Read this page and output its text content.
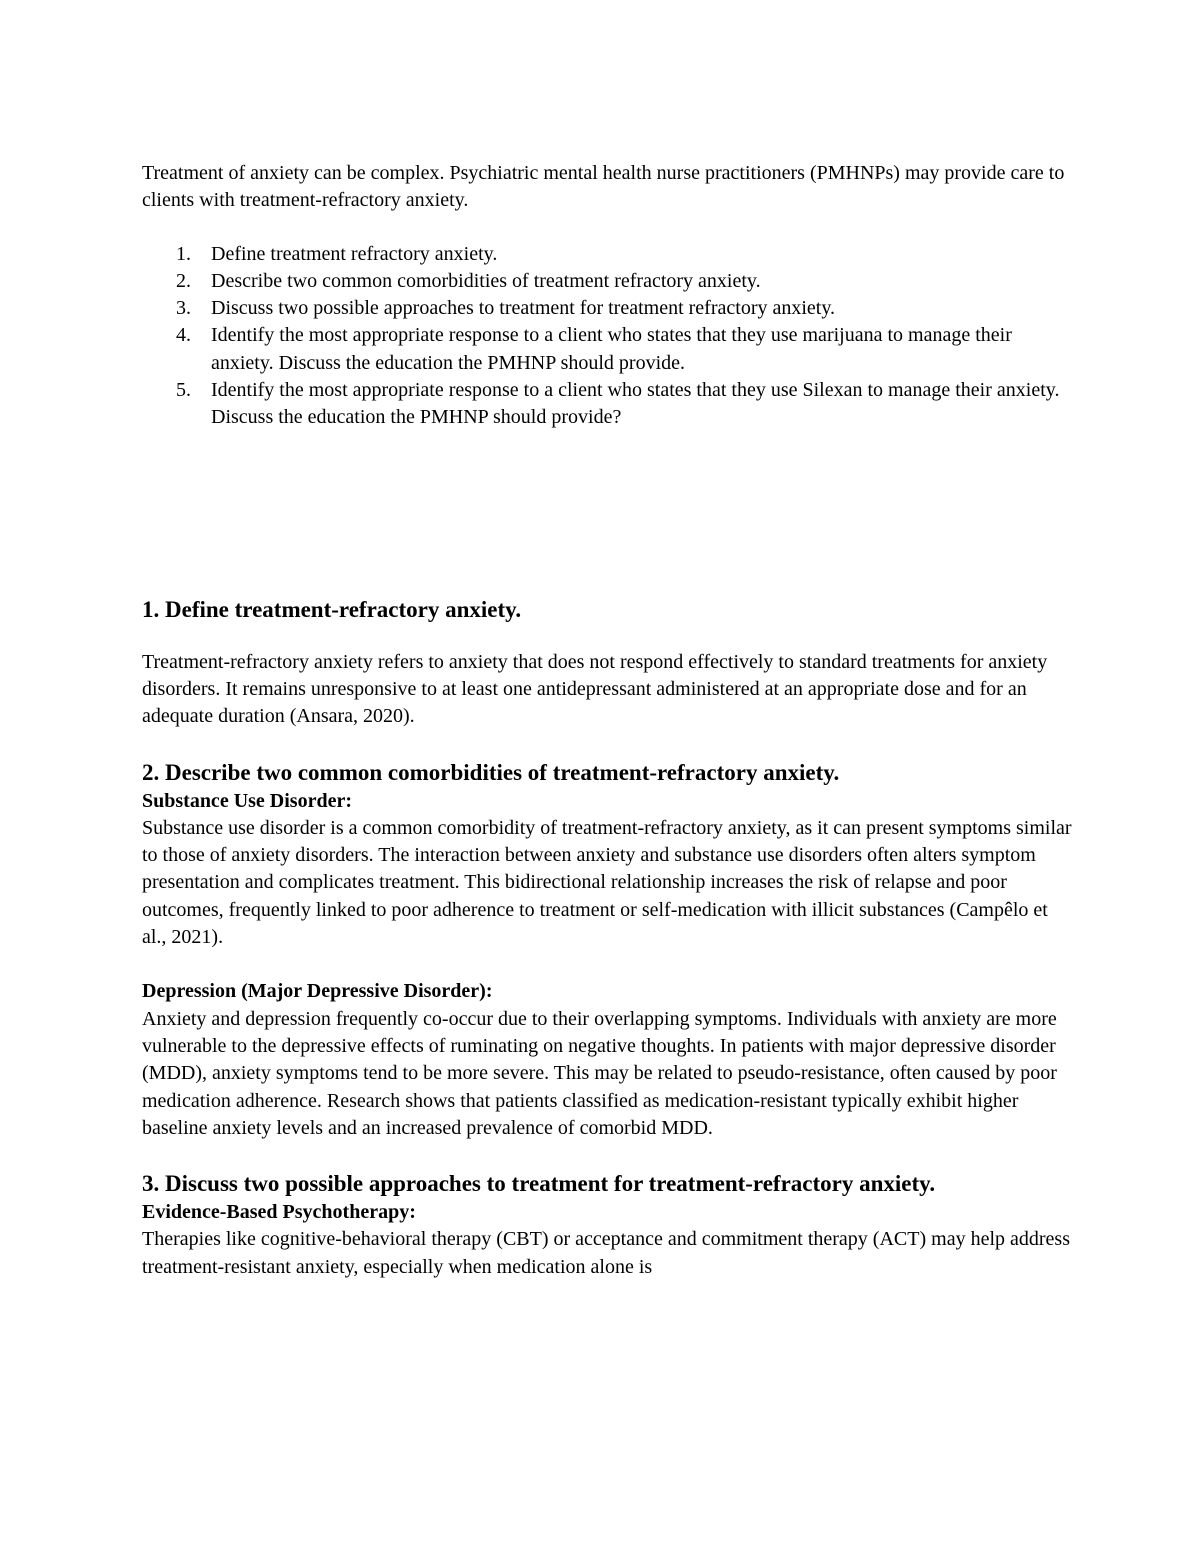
Treatment of anxiety can be complex. Psychiatric mental health nurse practitioners (PMHNPs) may provide care to clients with treatment-refractory anxiety.

1. Define treatment refractory anxiety.
2. Describe two common comorbidities of treatment refractory anxiety.
3. Discuss two possible approaches to treatment for treatment refractory anxiety.
4. Identify the most appropriate response to a client who states that they use marijuana to manage their anxiety. Discuss the education the PMHNP should provide.
5. Identify the most appropriate response to a client who states that they use Silexan to manage their anxiety. Discuss the education the PMHNP should provide?
1. Define treatment-refractory anxiety.

Treatment-refractory anxiety refers to anxiety that does not respond effectively to standard treatments for anxiety disorders. It remains unresponsive to at least one antidepressant administered at an appropriate dose and for an adequate duration (Ansara, 2020).

2. Describe two common comorbidities of treatment-refractory anxiety.

Substance Use Disorder:

Substance use disorder is a common comorbidity of treatment-refractory anxiety, as it can present symptoms similar to those of anxiety disorders. The interaction between anxiety and substance use disorders often alters symptom presentation and complicates treatment. This bidirectional relationship increases the risk of relapse and poor outcomes, frequently linked to poor adherence to treatment or self-medication with illicit substances (Campêlo et al., 2021).

Depression (Major Depressive Disorder):

Anxiety and depression frequently co-occur due to their overlapping symptoms. Individuals with anxiety are more vulnerable to the depressive effects of ruminating on negative thoughts. In patients with major depressive disorder (MDD), anxiety symptoms tend to be more severe. This may be related to pseudo-resistance, often caused by poor medication adherence. Research shows that patients classified as medication-resistant typically exhibit higher baseline anxiety levels and an increased prevalence of comorbid MDD.

3. Discuss two possible approaches to treatment for treatment-refractory anxiety.

Evidence-Based Psychotherapy:

Therapies like cognitive-behavioral therapy (CBT) or acceptance and commitment therapy (ACT) may help address treatment-resistant anxiety, especially when medication alone is
